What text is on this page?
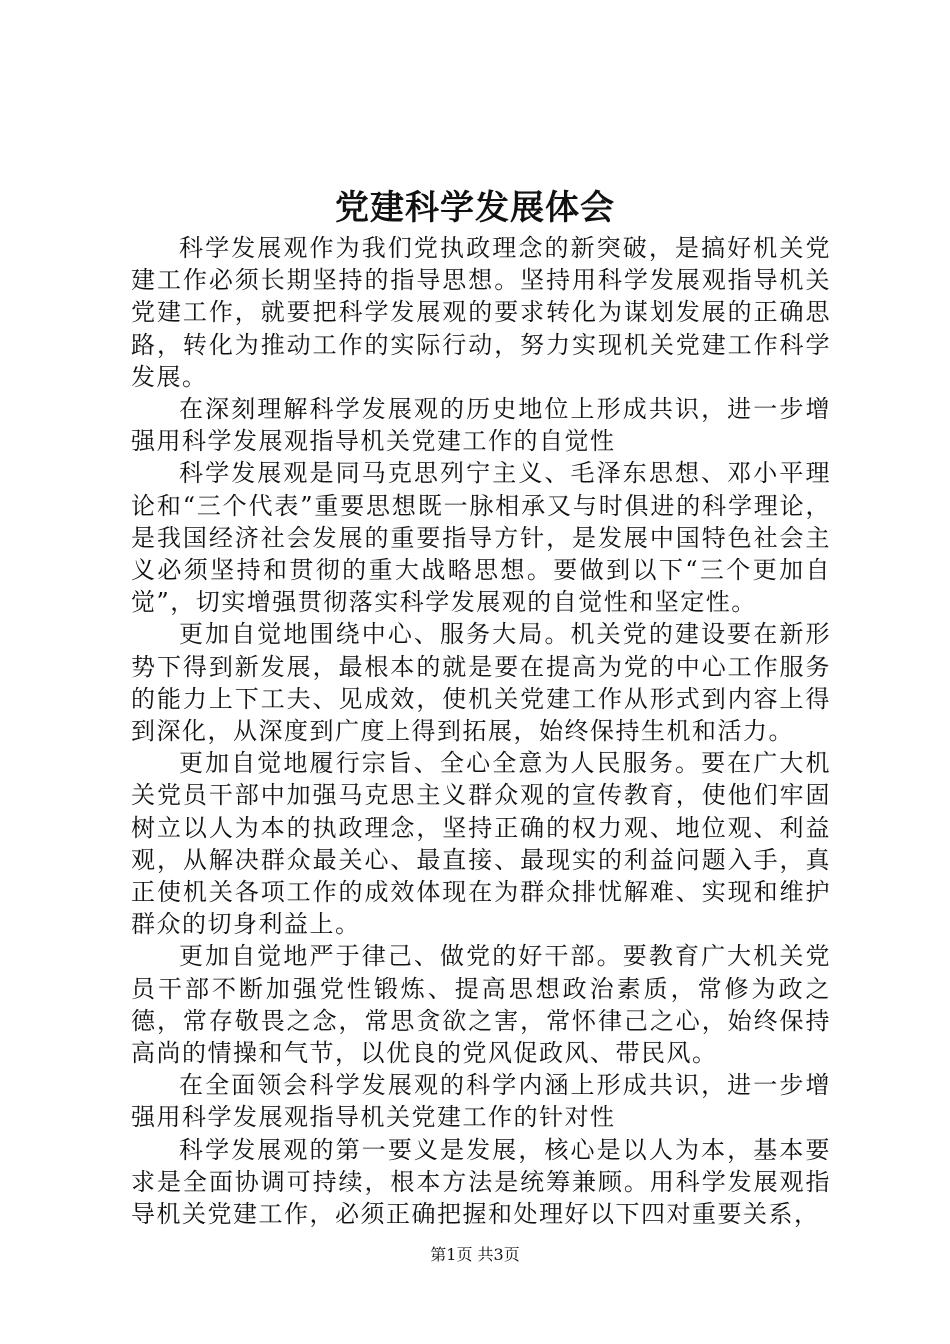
党建科学发展体会

科学发展观作为我们党执政理念的新突破，是搞好机关党建工作必须长期坚持的指导思想。坚持用科学发展观指导机关党建工作，就要把科学发展观的要求转化为谋划发展的正确思路，转化为推动工作的实际行动，努力实现机关党建工作科学发展。

在深刻理解科学发展观的历史地位上形成共识，进一步增强用科学发展观指导机关党建工作的自觉性

科学发展观是同马克思列宁主义、毛泽东思想、邓小平理论和“三个代表”重要思想既一脉相承又与时俱进的科学理论，是我国经济社会发展的重要指导方针，是发展中国特色社会主义必须坚持和贯彻的重大战略思想。要做到以下“三个更加自觉”，切实增强贯彻落实科学发展观的自觉性和坚定性。

更加自觉地围绕中心、服务大局。机关党的建设要在新形势下得到新发展，最根本的就是要在提高为党的中心工作服务的能力上下工夫、见成效，使机关党建工作从形式到内容上得到深化，从深度到广度上得到拓展，始终保持生机和活力。

更加自觉地履行宗旨、全心全意为人民服务。要在广大机关党员干部中加强马克思主义群众观的宣传教育，使他们牢固树立以人为本的执政理念，坚持正确的权力观、地位观、利益观，从解决群众最关心、最直接、最现实的利益问题入手，真正使机关各项工作的成效体现在为群众排忧解难、实现和维护群众的切身利益上。

更加自觉地严于律己、做党的好干部。要教育广大机关党员干部不断加强党性锻炼、提高思想政治素质，常修为政之德，常存敬畏之念，常思贪欲之害，常怀律己之心，始终保持高尚的情操和气节，以优良的党风促政风、带民风。

在全面领会科学发展观的科学内涵上形成共识，进一步增强用科学发展观指导机关党建工作的针对性

科学发展观的第一要义是发展，核心是以人为本，基本要求是全面协调可持续，根本方法是统筹兼顾。用科学发展观指导机关党建工作，必须正确把握和处理好以下四对重要关系，

第1页 共3页
